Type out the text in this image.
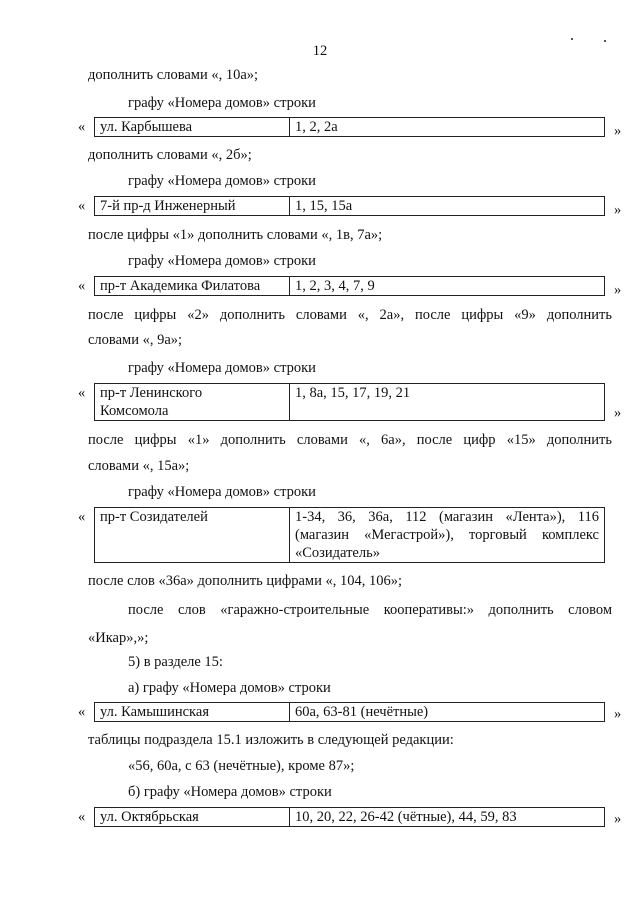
12
дополнить словами «, 10а»;
графу «Номера домов» строки
« ул. Карбышева	1, 2, 2а	»
дополнить словами «, 2б»;
графу «Номера домов» строки
« 7-й пр-д Инженерный	1, 15, 15а	»
после цифры «1» дополнить словами «, 1в, 7а»;
графу «Номера домов» строки
« пр-т Академика Филатова	1, 2, 3, 4, 7, 9	»
после цифры «2» дополнить словами «, 2а», после цифры «9» дополнить
словами «, 9а»;
графу «Номера домов» строки
« пр-т Ленинского
Комсомола
	1, 8а, 15, 17, 19, 21
»
после цифры «1» дополнить словами «, 6а», после цифр «15» дополнить
словами «, 15а»;
графу «Номера домов» строки
« пр-т Созидателей	1-34, 36, 36а, 112 (магазин «Лента»), 116
(магазин «Мегастрой»), торговый комплекс
«Созидатель»
после слов «36а» дополнить цифрами «, 104, 106»;
после слов «гаражно-строительные кооперативы:» дополнить словом
«Икар»,»;
5) в разделе 15:
а) графу «Номера домов» строки
« ул. Камышинская	60а, 63-81 (нечётные)	»
таблицы подраздела 15.1 изложить в следующей редакции:
«56, 60а, с 63 (нечётные), кроме 87»;
б) графу «Номера домов» строки
« ул. Октябрьская	10, 20, 22, 26-42 (чётные), 44, 59, 83	»
